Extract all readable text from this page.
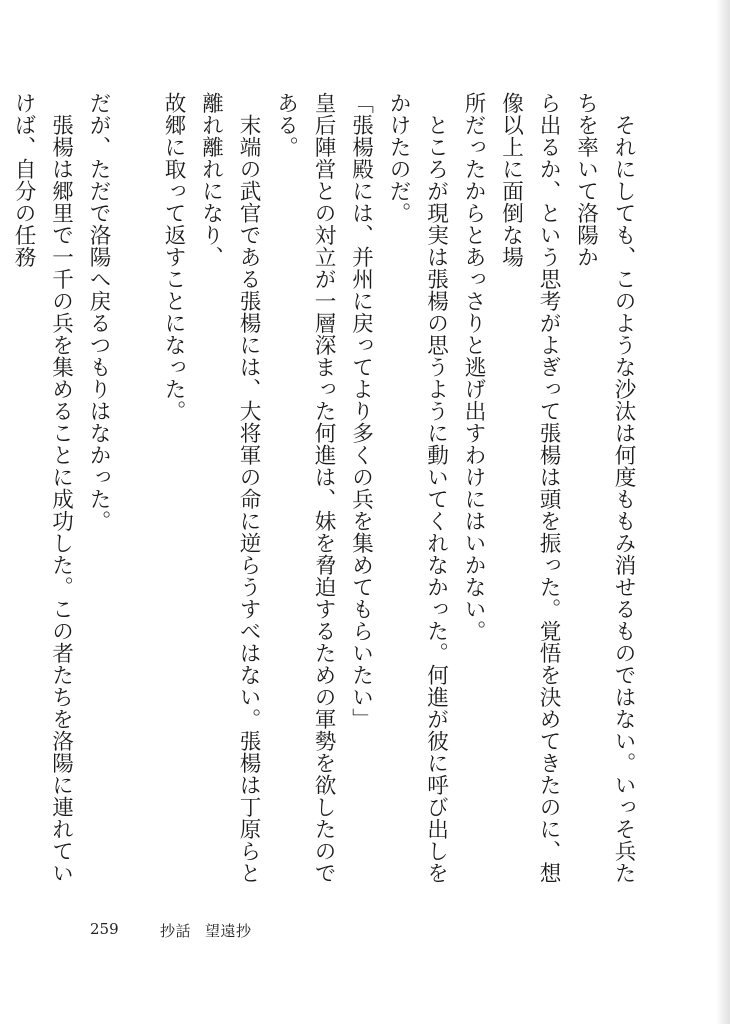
それにしても、このような沙汰は何度ももみ消せるものではない。いっそ兵たちを率いて洛陽か

ら出るか、という思考がよぎって張楊は頭を振った。覚悟を決めてきたのに、想像以上に面倒な場

所だったからとあっさりと逃げ出すわけにはいかない。

ところが現実は張楊の思うように動いてくれなかった。何進が彼に呼び出しをかけたのだ。

「張楊殿には、并州に戻ってより多くの兵を集めてもらいたい」

皇后陣営との対立が一層深まった何進は、妹を脅迫するための軍勢を欲したのである。

末端の武官である張楊には、大将軍の命に逆らうすべはない。張楊は丁原らと離れ離れになり、

故郷に取って返すことになった。

だが、ただで洛陽へ戻るつもりはなかった。

張楊は郷里で一千の兵を集めることに成功した。この者たちを洛陽に連れていけば、自分の任務

259	抄話 望遠抄
